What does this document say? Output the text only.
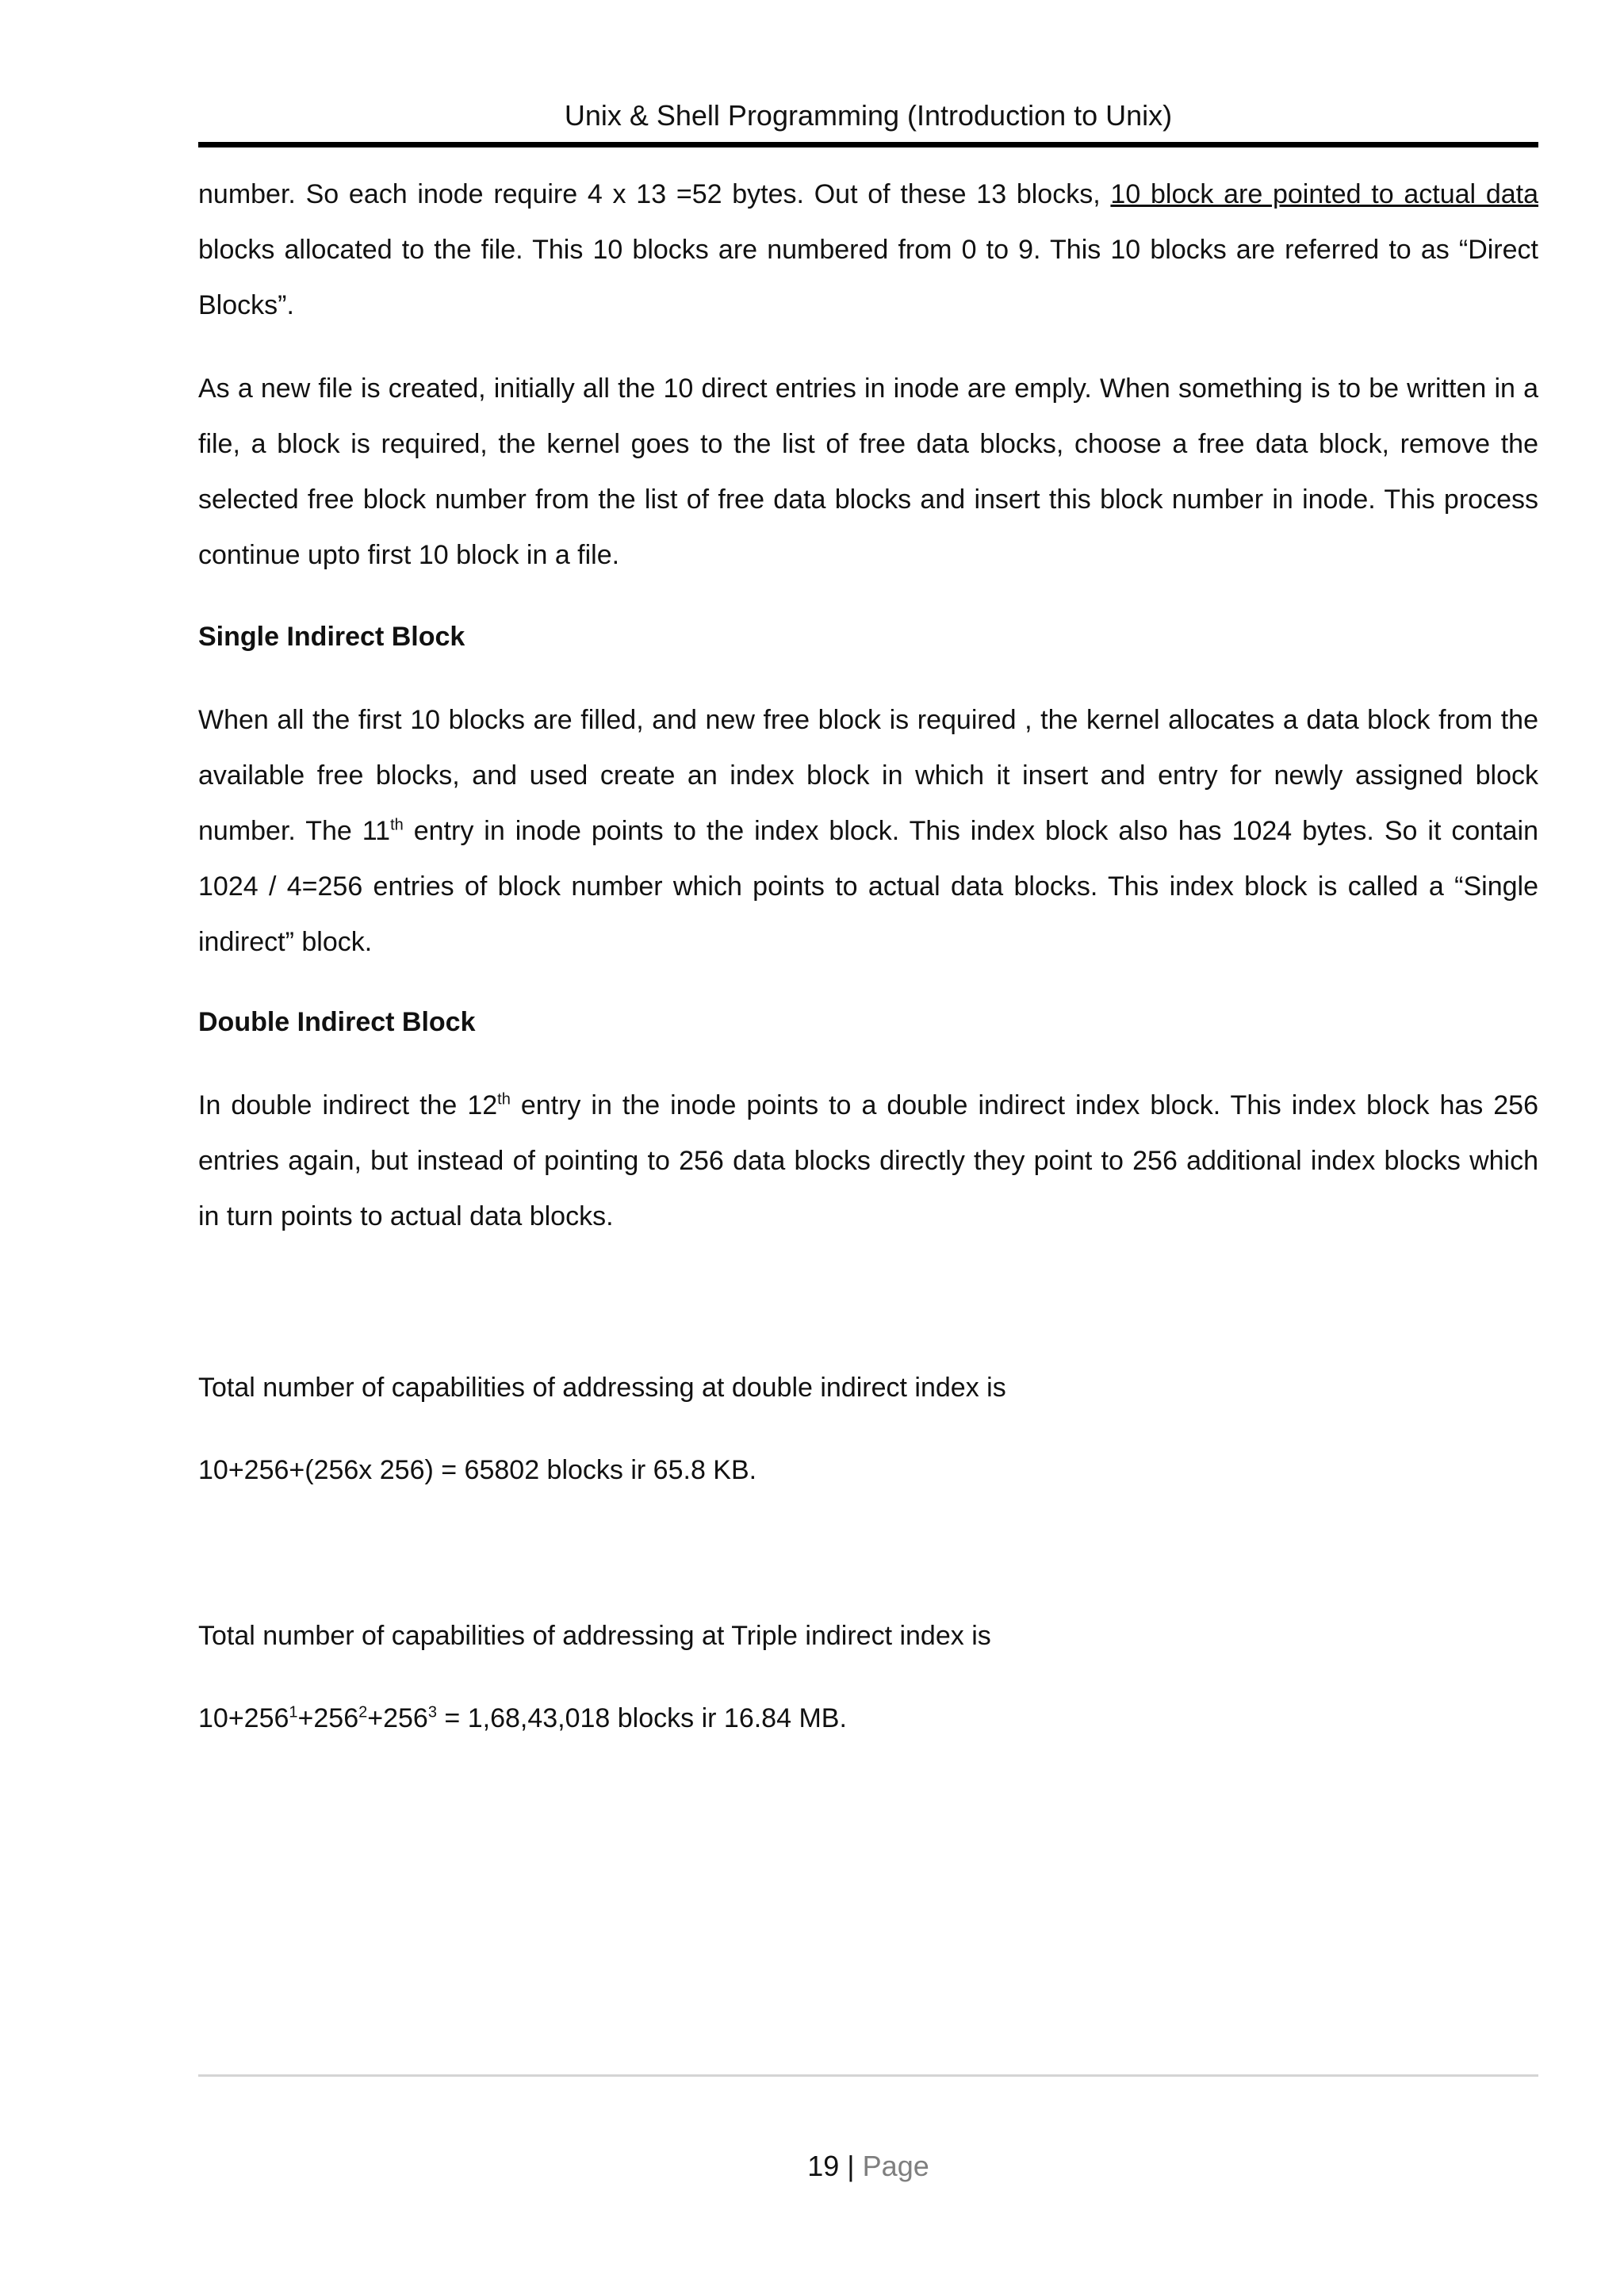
Unix & Shell Programming (Introduction to Unix)

number. So each inode require 4 x 13 =52 bytes. Out of these 13 blocks, 10 block are pointed to actual data blocks allocated to the file. This 10 blocks are numbered from 0 to 9. This 10 blocks are referred to as “Direct Blocks”.

As a new file is created, initially all the 10 direct entries in inode are emply. When something is to be written in a file, a block is required, the kernel goes to the list of free data blocks, choose a free data block, remove the selected free block number from the list of free data blocks and insert this block number in inode. This process continue upto first 10 block in a file.

Single Indirect Block

When all the first 10 blocks are filled, and new free block is required , the kernel allocates a data block from the available free blocks, and used create an index block in which it insert and entry for newly assigned block number. The 11th entry in inode points to the index block. This index block also has 1024 bytes. So it contain 1024 / 4=256 entries of block number which points to actual data blocks. This index block is called a “Single indirect” block.

Double Indirect Block

In double indirect the 12th entry in the inode points to a double indirect index block. This index block has 256 entries again, but instead of pointing to 256 data blocks directly they point to 256 additional index blocks which in turn points to actual data blocks.

Total number of capabilities of addressing at double indirect index is
10+256+(256x 256) = 65802 blocks ir 65.8 KB.
Total number of capabilities of addressing at Triple indirect index is
$10+256^1+256^2+256^3 = 1,68,43,018$ blocks ir 16.84 MB.
19 | Page
